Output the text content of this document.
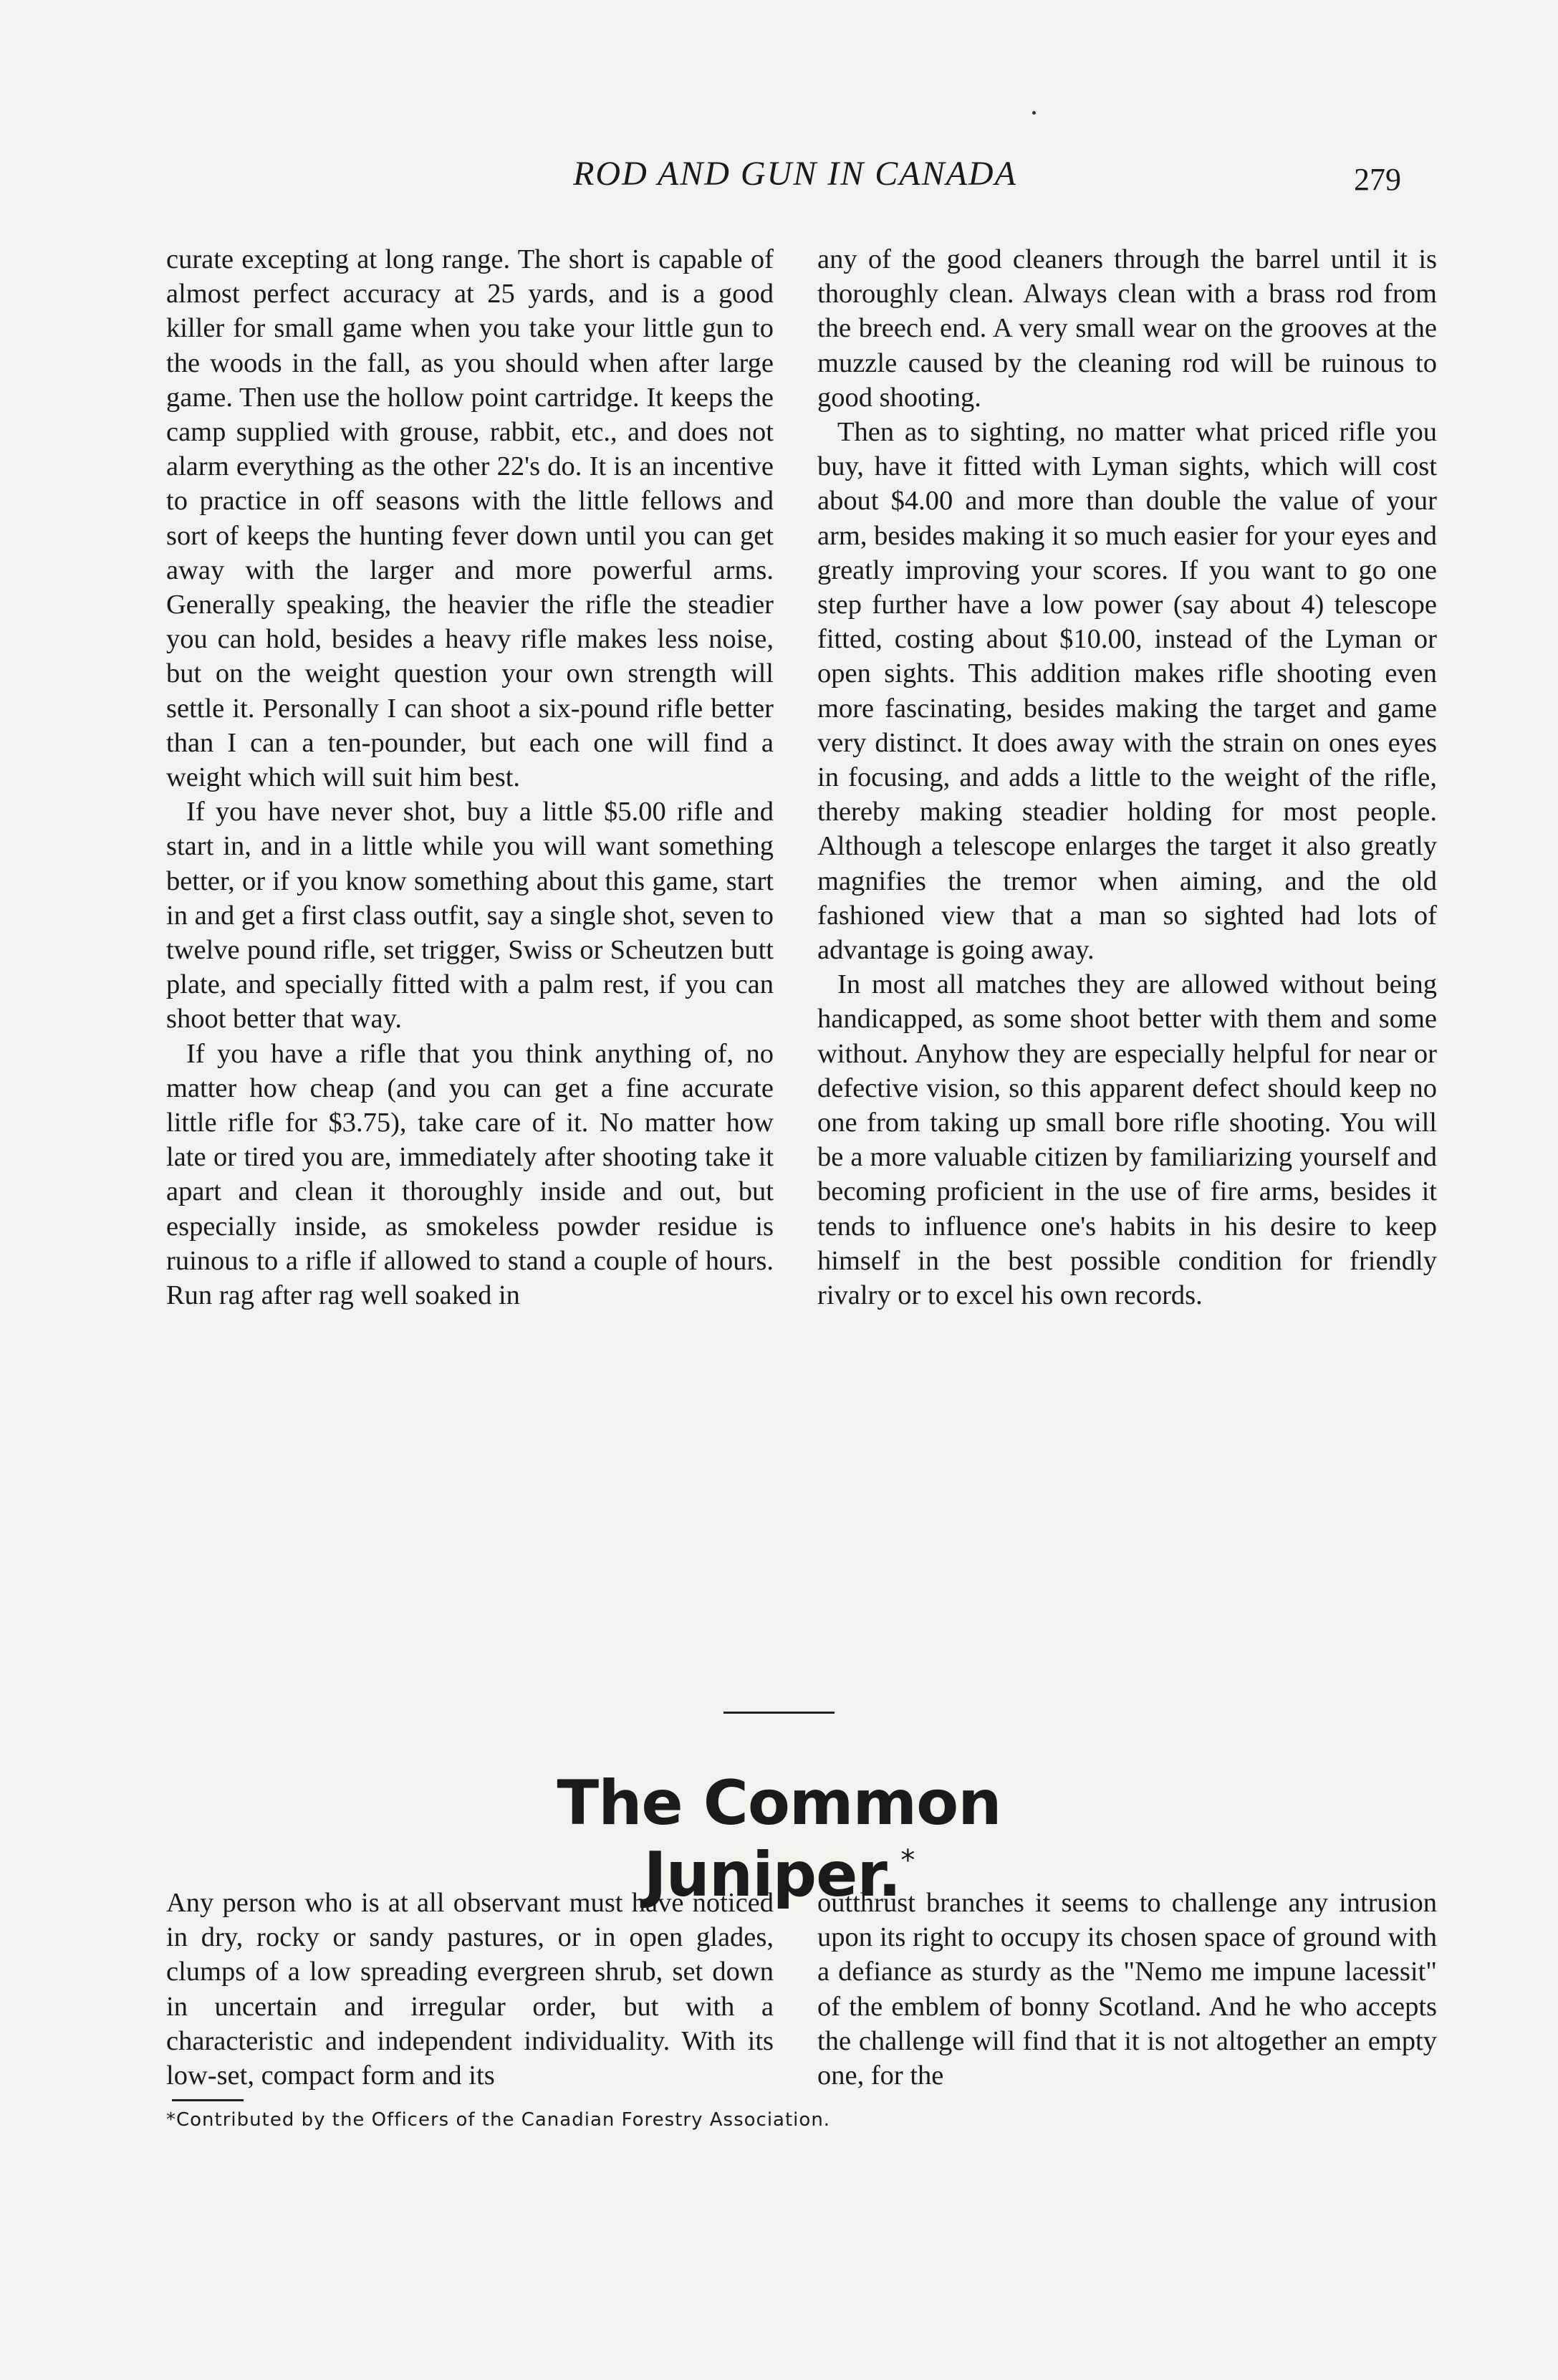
ROD AND GUN IN CANADA	279

curate excepting at long range. The short is capable of almost perfect accuracy at 25 yards, and is a good killer for small game when you take your little gun to the woods in the fall, as you should when after large game. Then use the hollow point cartridge. It keeps the camp supplied with grouse, rabbit, etc., and does not alarm everything as the other 22's do. It is an incentive to practice in off seasons with the little fellows and sort of keeps the hunting fever down until you can get away with the larger and more powerful arms. Generally speaking, the heavier the rifle the steadier you can hold, besides a heavy rifle makes less noise, but on the weight question your own strength will settle it. Personally I can shoot a six-pound rifle better than I can a ten-pounder, but each one will find a weight which will suit him best.

If you have never shot, buy a little $5.00 rifle and start in, and in a little while you will want something better, or if you know something about this game, start in and get a first class outfit, say a single shot, seven to twelve pound rifle, set trigger, Swiss or Scheutzen butt plate, and specially fitted with a palm rest, if you can shoot better that way.

If you have a rifle that you think anything of, no matter how cheap (and you can get a fine accurate little rifle for $3.75), take care of it. No matter how late or tired you are, immediately after shooting take it apart and clean it thoroughly inside and out, but especially inside, as smokeless powder residue is ruinous to a rifle if allowed to stand a couple of hours. Run rag after rag well soaked in

any of the good cleaners through the barrel until it is thoroughly clean. Always clean with a brass rod from the breech end. A very small wear on the grooves at the muzzle caused by the cleaning rod will be ruinous to good shooting.

Then as to sighting, no matter what priced rifle you buy, have it fitted with Lyman sights, which will cost about $4.00 and more than double the value of your arm, besides making it so much easier for your eyes and greatly improving your scores. If you want to go one step further have a low power (say about 4) telescope fitted, costing about $10.00, instead of the Lyman or open sights. This addition makes rifle shooting even more fascinating, besides making the target and game very distinct. It does away with the strain on ones eyes in focusing, and adds a little to the weight of the rifle, thereby making steadier holding for most people. Although a telescope enlarges the target it also greatly magnifies the tremor when aiming, and the old fashioned view that a man so sighted had lots of advantage is going away.

In most all matches they are allowed without being handicapped, as some shoot better with them and some without. Anyhow they are especially helpful for near or defective vision, so this apparent defect should keep no one from taking up small bore rifle shooting. You will be a more valuable citizen by familiarizing yourself and becoming proficient in the use of fire arms, besides it tends to influence one's habits in his desire to keep himself in the best possible condition for friendly rivalry or to excel his own records.

The Common Juniper.*

Any person who is at all observant must have noticed in dry, rocky or sandy pastures, or in open glades, clumps of a low spreading evergreen shrub, set down in uncertain and irregular order, but with a characteristic and independent individuality. With its low-set, compact form and its

outthrust branches it seems to challenge any intrusion upon its right to occupy its chosen space of ground with a defiance as sturdy as the "Nemo me impune lacessit" of the emblem of bonny Scotland. And he who accepts the challenge will find that it is not altogether an empty one, for the

*Contributed by the Officers of the Canadian Forestry Association.
